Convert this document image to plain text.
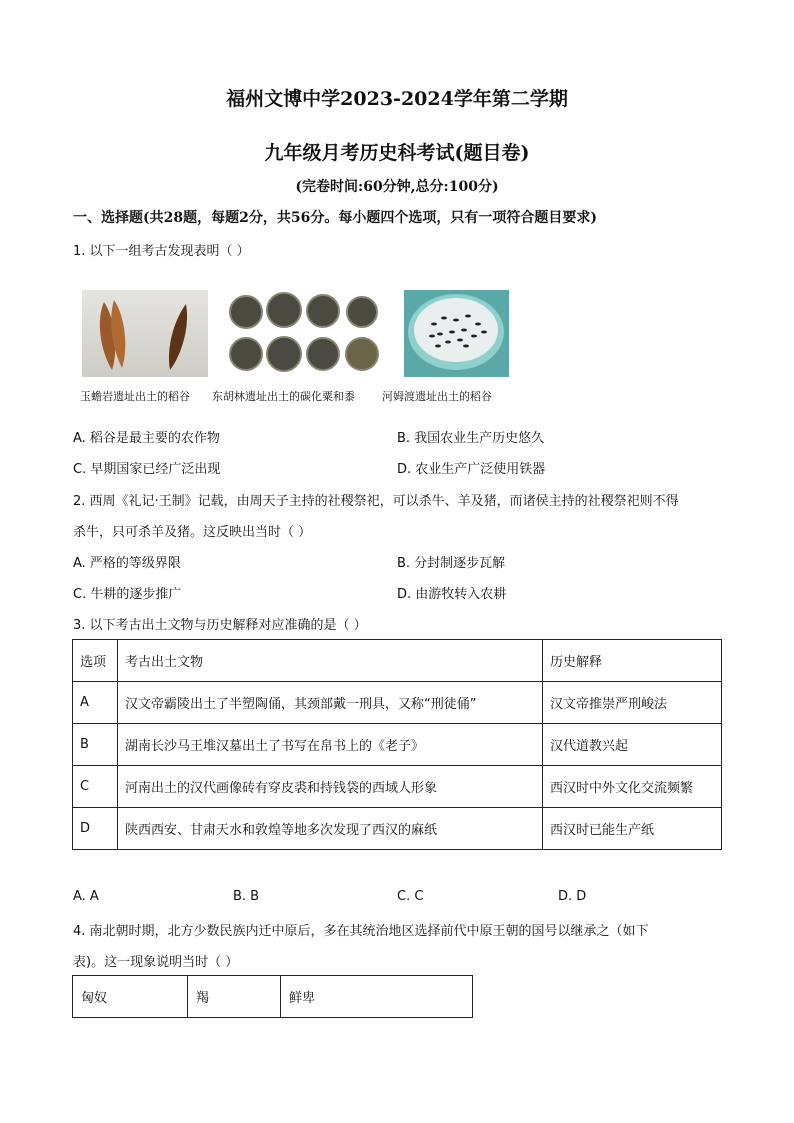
福州文博中学2023-2024学年第二学期
九年级月考历史科考试(题目卷)
(完卷时间:60分钟,总分:100分)
一、选择题(共28题，每题2分，共56分。每小题四个选项，只有一项符合题目要求)
1. 以下一组考古发现表明（ ）
玉蟾岩遗址出土的稻谷 东胡林遗址出土的碳化粟和黍 河姆渡遗址出土的稻谷
A. 稻谷是最主要的农作物	B. 我国农业生产历史悠久
C. 早期国家已经广泛出现	D. 农业生产广泛使用铁器
2. 西周《礼记·王制》记载，由周天子主持的社稷祭祀，可以杀牛、羊及猪，而诸侯主持的社稷祭祀则不得
杀牛，只可杀羊及猪。这反映出当时（ ）
A. 严格的等级界限	B. 分封制逐步瓦解
C. 牛耕的逐步推广	D. 由游牧转入农耕
3. 以下考古出土文物与历史解释对应准确的是（ ）
选项	考古出土文物	历史解释
A	汉文帝霸陵出土了半塑陶俑，其颈部戴一刑具，又称“刑徒俑”	汉文帝推崇严刑峻法
B	湖南长沙马王堆汉墓出土了书写在帛书上的《老子》	汉代道教兴起
C	河南出土的汉代画像砖有穿皮裘和持钱袋的西域人形象	西汉时中外文化交流频繁
D	陕西西安、甘肃天水和敦煌等地多次发现了西汉的麻纸	西汉时已能生产纸
A. A	B. B	C. C	D. D
4. 南北朝时期，北方少数民族内迁中原后，多在其统治地区选择前代中原王朝的国号以继承之（如下
表)。这一现象说明当时（ ）
匈奴	羯	鲜卑
